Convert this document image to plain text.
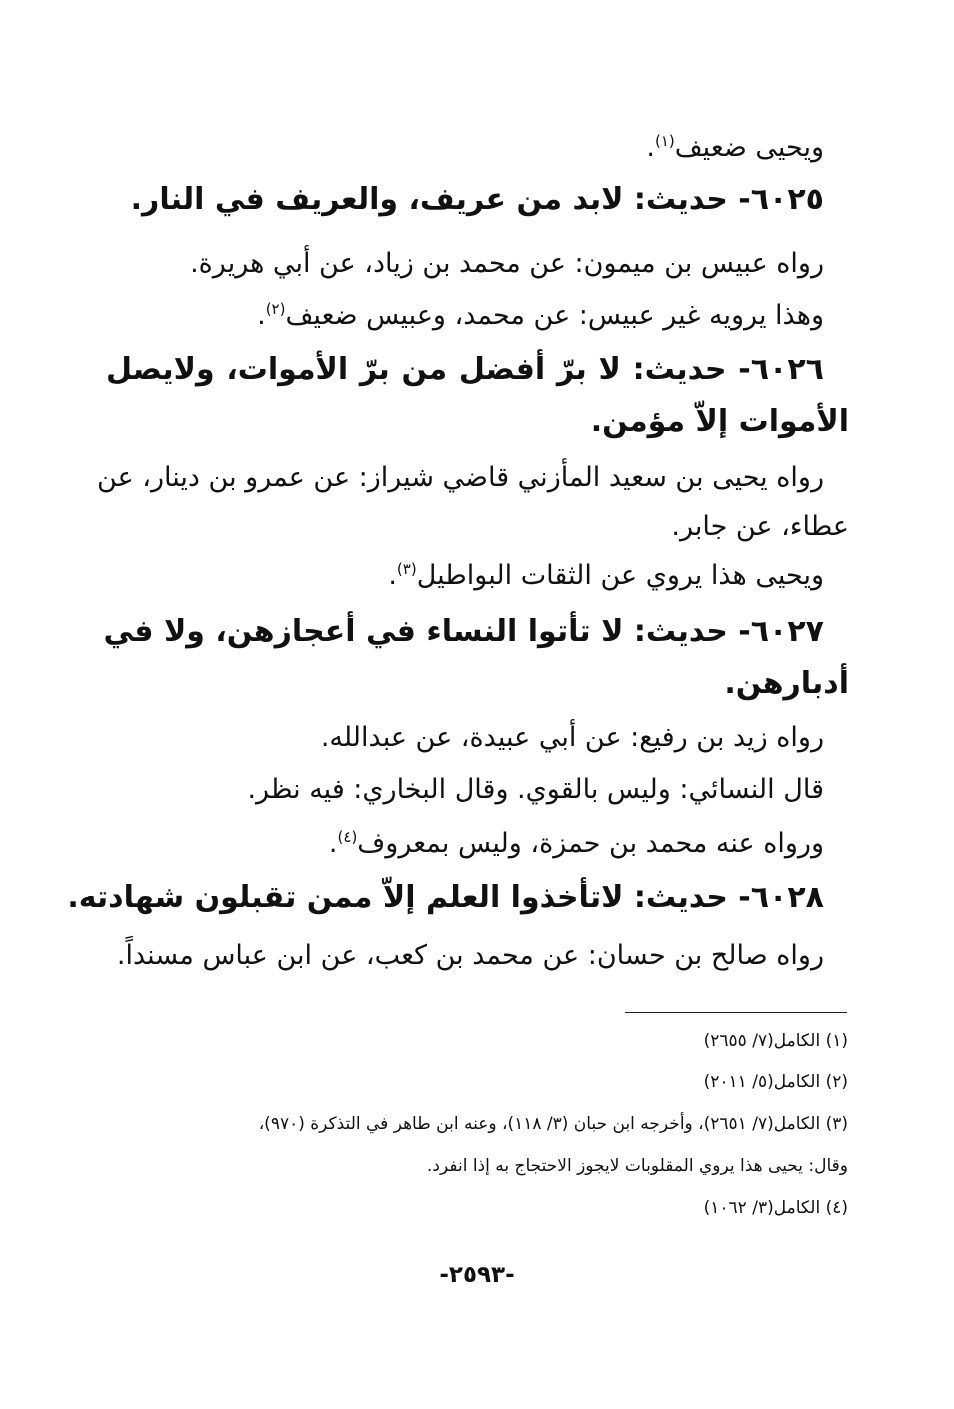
ويحيى ضعيف$^{(١)}$.
٦٠٢٥- حديث: لابد من عريف، والعريف في النار.
رواه عبيس بن ميمون: عن محمد بن زياد، عن أبي هريرة.
وهذا يرويه غير عبيس: عن محمد، وعبيس ضعيف$^{(٢)}$.
٦٠٢٦- حديث: لا برّ أفضل من برّ الأموات، ولايصل
الأموات إلاّ مؤمن.
رواه يحيى بن سعيد المأزني قاضي شيراز: عن عمرو بن دينار، عن
عطاء، عن جابر.
ويحيى هذا يروي عن الثقات البواطيل$^{(٣)}$.
٦٠٢٧- حديث: لا تأتوا النساء في أعجازهن، ولا في
أدبارهن.
رواه زيد بن رفيع: عن أبي عبيدة، عن عبدالله.
قال النسائي: وليس بالقوي. وقال البخاري: فيه نظر.
ورواه عنه محمد بن حمزة، وليس بمعروف$^{(٤)}$.
٦٠٢٨- حديث: لاتأخذوا العلم إلاّ ممن تقبلون شهادته.
رواه صالح بن حسان: عن محمد بن كعب، عن ابن عباس مسنداً.
(١) الكامل(٧/ ٢٦٥٥)
(٢) الكامل(٥/ ٢٠١١)
(٣) الكامل(٧/ ٢٦٥١)، وأخرجه ابن حبان (٣/ ١١٨)، وعنه ابن طاهر في التذكرة (٩٧٠)،
وقال: يحيى هذا يروي المقلوبات لايجوز الاحتجاج به إذا انفرد.
(٤) الكامل(٣/ ١٠٦٢)
-٢٥٩٣-
